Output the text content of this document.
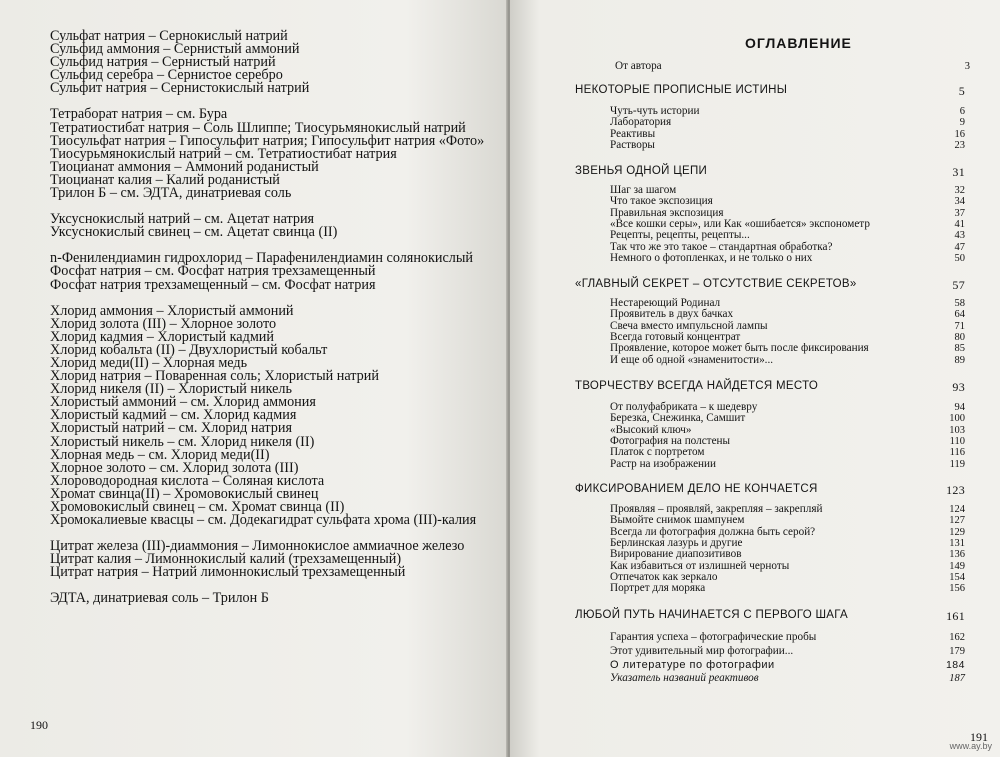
Сульфат натрия – Сернокислый натрий
Сульфид аммония – Сернистый аммоний
Сульфид натрия – Сернистый натрий
Сульфид серебра – Сернистое серебро
Сульфит натрия – Сернистокислый натрий
Тетраборат натрия – см. Бура
Тетратиостибат натрия – Соль Шлиппе; Тиосурьмянокислый натрий
Тиосульфат натрия – Гипосульфит натрия; Гипосульфит натрия «Фото»
Тиосурьмянокислый натрий – см. Тетратиостибат натрия
Тиоцианат аммония – Аммоний роданистый
Тиоцианат калия – Калий роданистый
Трилон Б – см. ЭДТА, динатриевая соль
Уксуснокислый натрий – см. Ацетат натрия
Уксуснокислый свинец – см. Ацетат свинца (II)
n-Фенилендиамин гидрохлорид – Парафенилендиамин солянокислый
Фосфат натрия – см. Фосфат натрия трехзамещенный
Фосфат натрия трехзамещенный – см. Фосфат натрия
Хлорид аммония – Хлористый аммоний
Хлорид золота (III) – Хлорное золото
Хлорид кадмия – Хлористый кадмий
Хлорид кобальта (II) – Двухлористый кобальт
Хлорид меди(II) – Хлорная медь
Хлорид натрия – Поваренная соль; Хлористый натрий
Хлорид никеля (II) – Хлористый никель
Хлористый аммоний – см. Хлорид аммония
Хлористый кадмий – см. Хлорид кадмия
Хлористый натрий – см. Хлорид натрия
Хлористый никель – см. Хлорид никеля (II)
Хлорная медь – см. Хлорид меди(II)
Хлорное золото – см. Хлорид золота (III)
Хлороводородная кислота – Соляная кислота
Хромат свинца(II) – Хромовокислый свинец
Хромовокислый свинец – см. Хромат свинца (II)
Хромокалиевые квасцы – см. Додекагидрат сульфата хрома (III)-калия
Цитрат железа (III)-диаммония – Лимоннокислое аммиачное железо
Цитрат калия – Лимоннокислый калий (трехзамещенный)
Цитрат натрия – Натрий лимоннокислый трехзамещенный
ЭДТА, динатриевая соль – Трилон Б
190
ОГЛАВЛЕНИЕ
От автора	3
НЕКОТОРЫЕ ПРОПИСНЫЕ ИСТИНЫ	5
Чуть-чуть истории	6
Лаборатория	9
Реактивы	16
Растворы	23
ЗВЕНЬЯ ОДНОЙ ЦЕПИ	31
Шаг за шагом	32
Что такое экспозиция	34
Правильная экспозиция	37
«Все кошки серы», или Как «ошибается» экспонометр	41
Рецепты, рецепты, рецепты...	43
Так что же это такое – стандартная обработка?	47
Немного о фотопленках, и не только о них	50
«ГЛАВНЫЙ СЕКРЕТ – ОТСУТСТВИЕ СЕКРЕТОВ»	57
Нестареющий Родинал	58
Проявитель в двух бачках	64
Свеча вместо импульсной лампы	71
Всегда готовый концентрат	80
Проявление, которое может быть после фиксирования	85
И еще об одной «знаменитости»...	89
ТВОРЧЕСТВУ ВСЕГДА НАЙДЕТСЯ МЕСТО	93
От полуфабриката – к шедевру	94
Березка, Снежинка, Самшит	100
«Высокий ключ»	103
Фотография на полстены	110
Платок с портретом	116
Растр на изображении	119
ФИКСИРОВАНИЕМ ДЕЛО НЕ КОНЧАЕТСЯ	123
Проявляя – проявляй, закрепляя – закрепляй	124
Вымойте снимок шампунем	127
Всегда ли фотография должна быть серой?	129
Берлинская лазурь и другие	131
Вирирование диапозитивов	136
Как избавиться от излишней черноты	149
Отпечаток как зеркало	154
Портрет для моряка	156
ЛЮБОЙ ПУТЬ НАЧИНАЕТСЯ С ПЕРВОГО ШАГА	161
Гарантия успеха – фотографические пробы	162
Этот удивительный мир фотографии...	179
О литературе по фотографии	184
Указатель названий реактивов	187
191
www.ay.by
